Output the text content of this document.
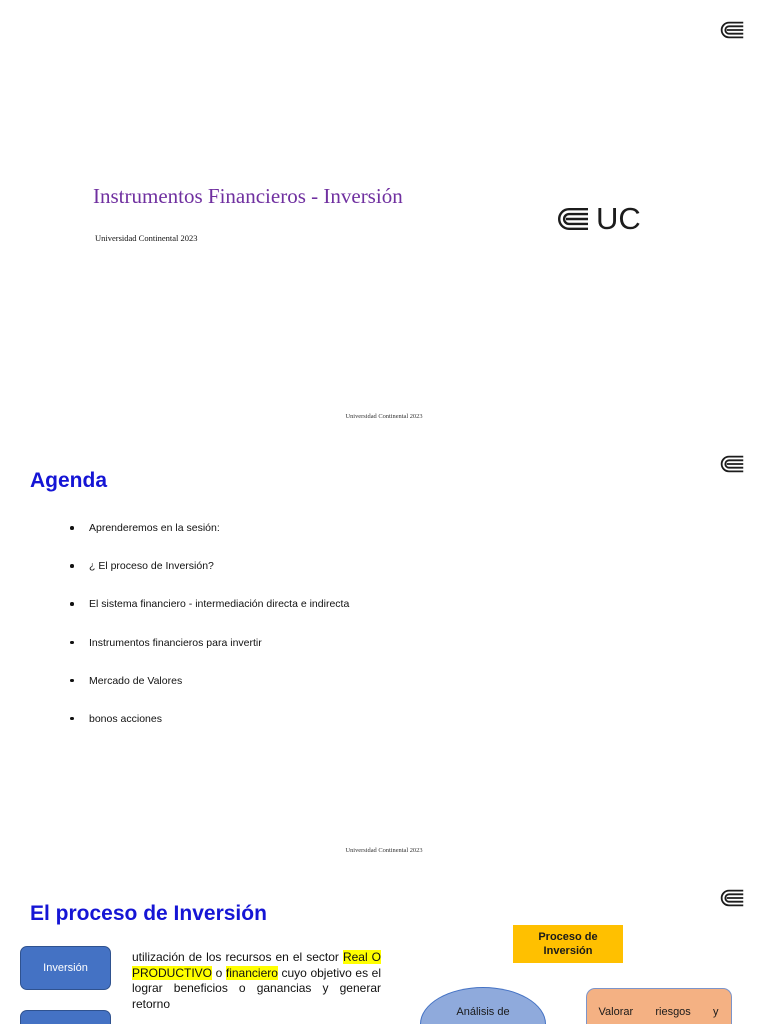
Instrumentos Financieros - Inversión
Universidad Continental 2023
UC
Universidad Continental 2023
Agenda
Aprenderemos en la sesión:
¿ El proceso de Inversión?
El sistema financiero - intermediación directa e indirecta
Instrumentos financieros para invertir
Mercado de Valores
bonos acciones
Universidad Continental 2023
El proceso de Inversión
Inversión

utilización de los recursos en el sector Real O PRODUCTIVO o financiero cuyo objetivo es el lograr beneficios o ganancias y generar retorno

Proceso de Inversión
Análisis de	Valorar riesgos y
